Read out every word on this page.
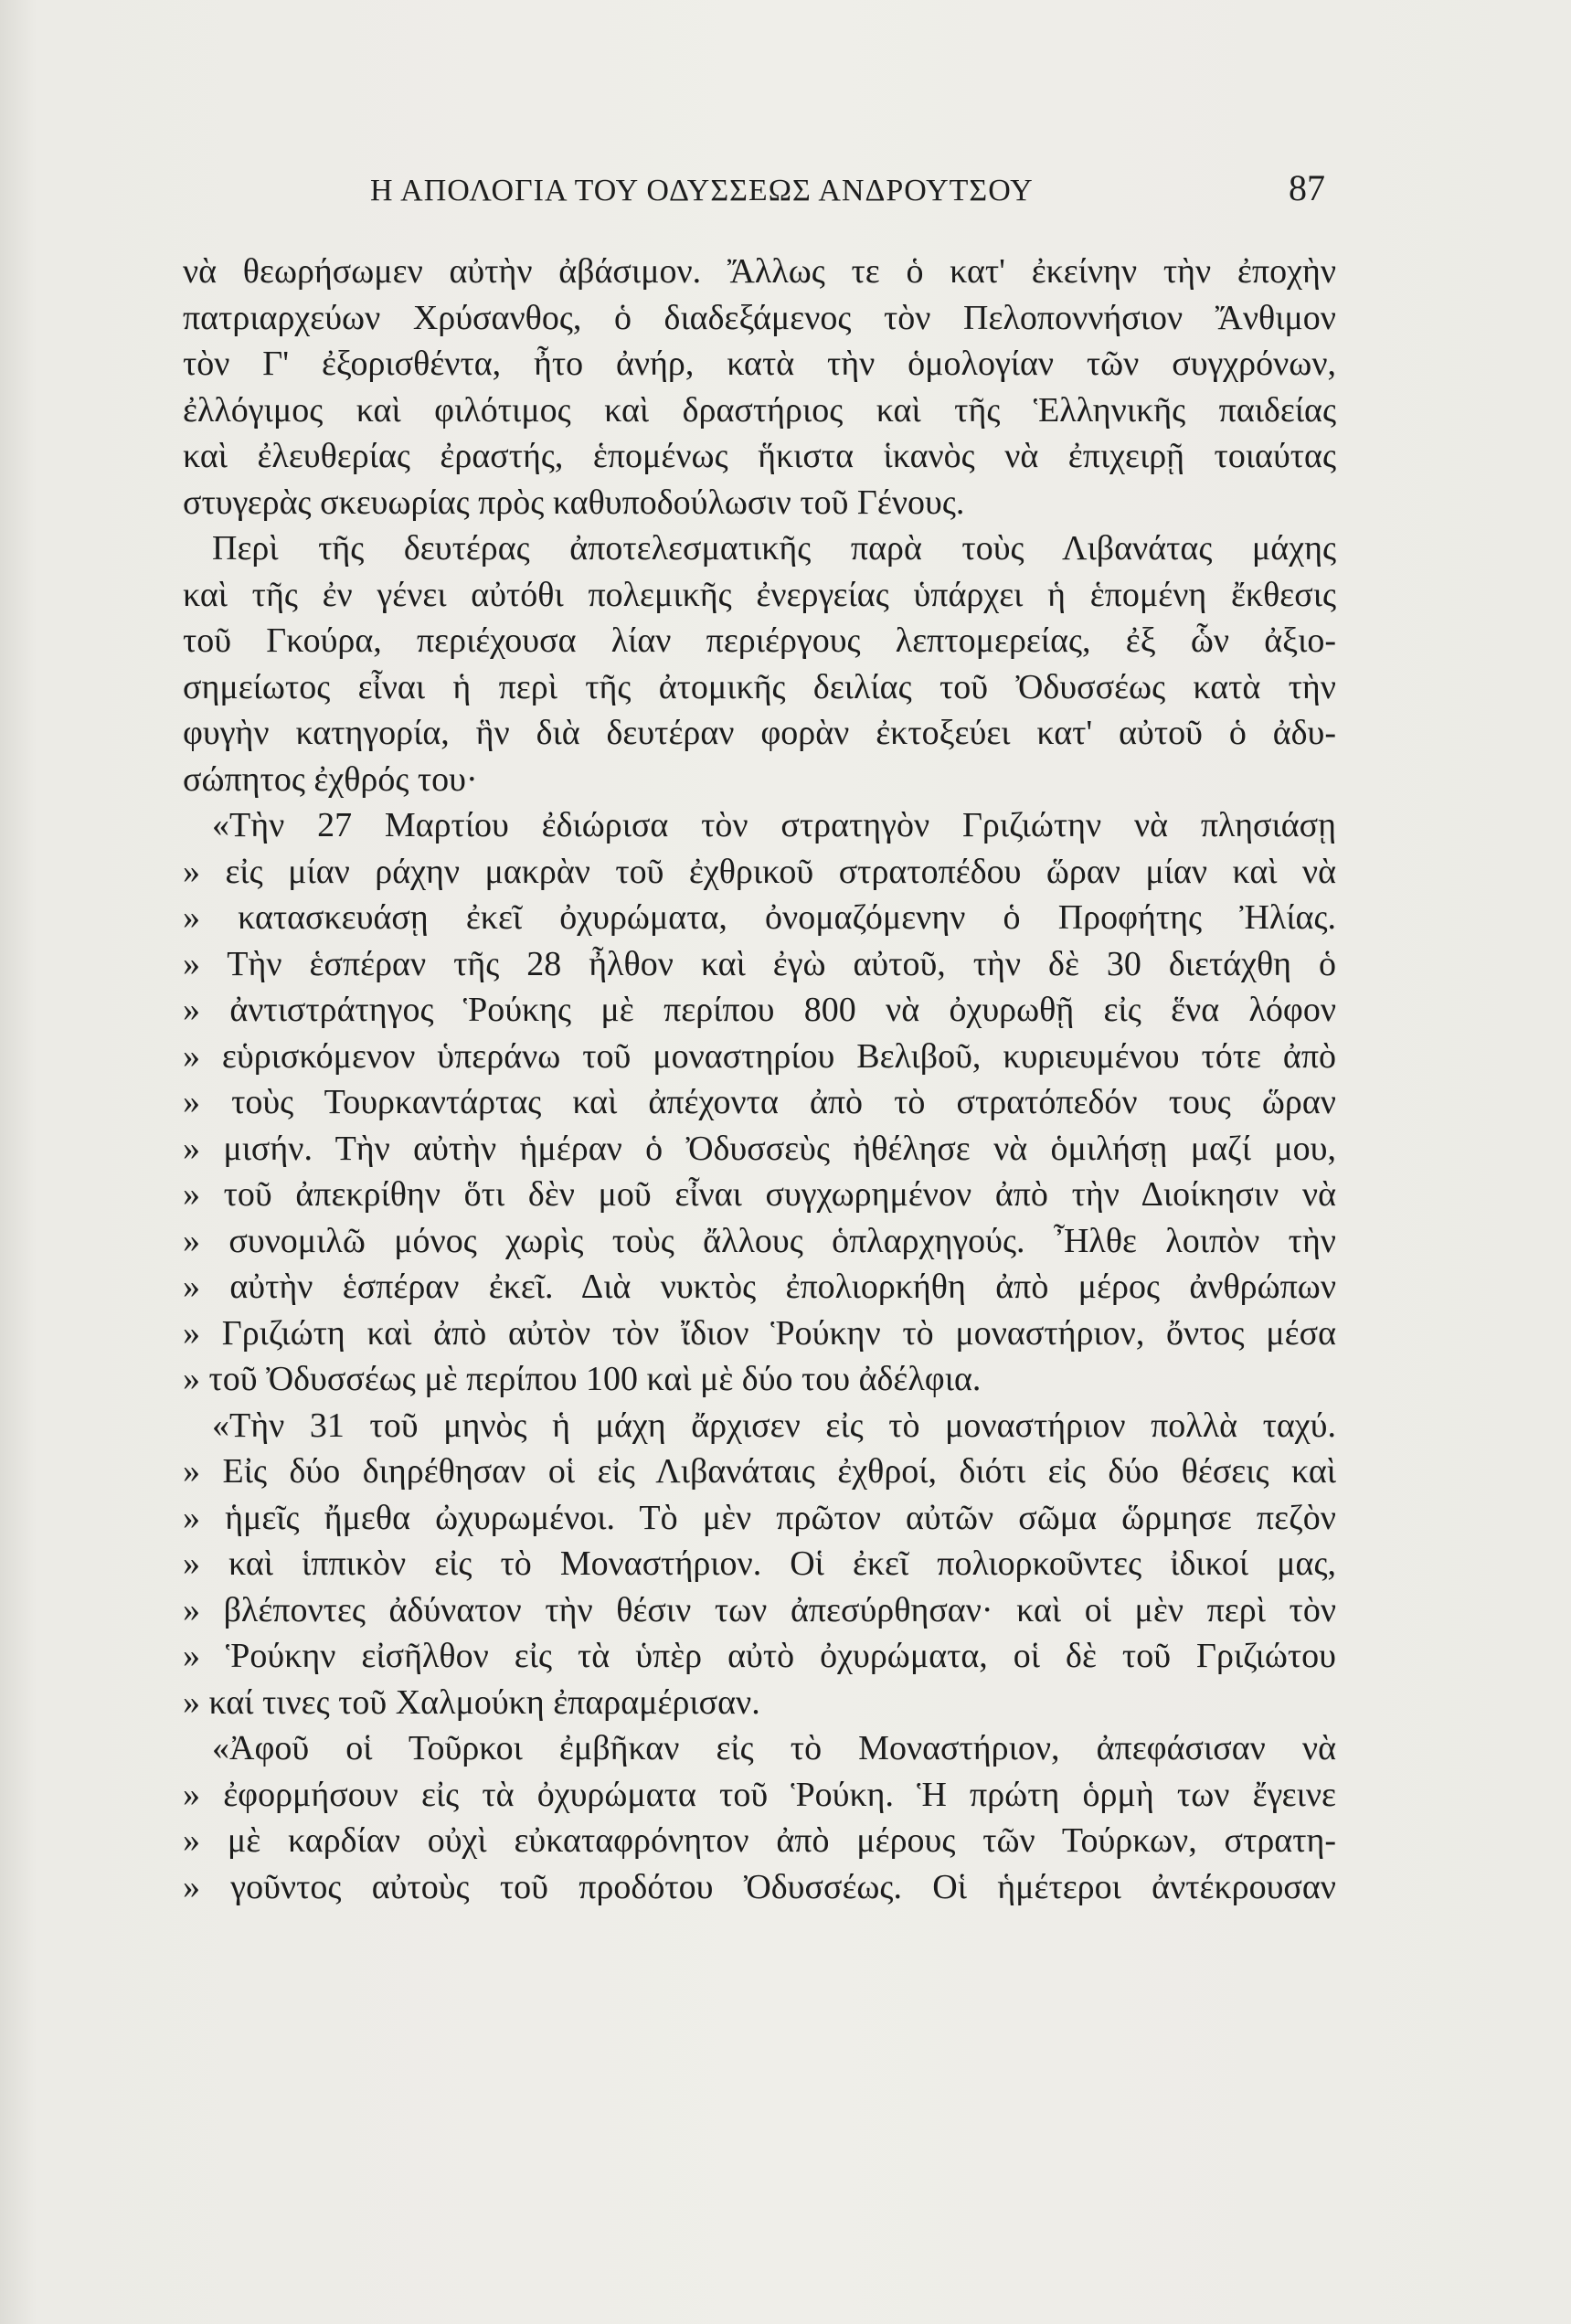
Η ΑΠΟΛΟΓΙΑ ΤΟΥ ΟΔΥΣΣΕΩΣ ΑΝΔΡΟΥΤΣΟΥ	87
νὰ θεωρήσωμεν αὐτὴν ἀβάσιμον. Ἄλλως τε ὁ κατ' ἐκείνην τὴν ἐποχὴν
πατριαρχεύων Χρύσανθος, ὁ διαδεξάμενος τὸν Πελοποννήσιον Ἄνθιμον
τὸν Γ' ἐξορισθέντα, ἦτο ἀνήρ, κατὰ τὴν ὁμολογίαν τῶν συγχρόνων,
ἐλλόγιμος καὶ φιλότιμος καὶ δραστήριος καὶ τῆς Ἑλληνικῆς παιδείας
καὶ ἐλευθερίας ἐραστής, ἑπομένως ἥκιστα ἱκανὸς νὰ ἐπιχειρῇ τοιαύτας
στυγερὰς σκευωρίας πρὸς καθυποδούλωσιν τοῦ Γένους.
Περὶ τῆς δευτέρας ἀποτελεσματικῆς παρὰ τοὺς Λιβανάτας μάχης
καὶ τῆς ἐν γένει αὐτόθι πολεμικῆς ἐνεργείας ὑπάρχει ἡ ἑπομένη ἔκθεσις
τοῦ Γκούρα, περιέχουσα λίαν περιέργους λεπτομερείας, ἐξ ὧν ἀξιο-
σημείωτος εἶναι ἡ περὶ τῆς ἀτομικῆς δειλίας τοῦ Ὀδυσσέως κατὰ τὴν
φυγὴν κατηγορία, ἣν διὰ δευτέραν φορὰν ἐκτοξεύει κατ' αὐτοῦ ὁ ἀδυ-
σώπητος ἐχθρός του·
«Τὴν 27 Μαρτίου ἐδιώρισα τὸν στρατηγὸν Γριζιώτην νὰ πλησιάσῃ
» εἰς μίαν ράχην μακρὰν τοῦ ἐχθρικοῦ στρατοπέδου ὥραν μίαν καὶ νὰ
» κατασκευάσῃ ἐκεῖ ὀχυρώματα, ὀνομαζόμενην ὁ Προφήτης Ἠλίας.
» Τὴν ἑσπέραν τῆς 28 ἦλθον καὶ ἐγὼ αὐτοῦ, τὴν δὲ 30 διετάχθη ὁ
» ἀντιστράτηγος Ῥούκης μὲ περίπου 800 νὰ ὀχυρωθῇ εἰς ἕνα λόφον
» εὑρισκόμενον ὑπεράνω τοῦ μοναστηρίου Βελιβοῦ, κυριευμένου τότε ἀπὸ
» τοὺς Τουρκαντάρτας καὶ ἀπέχοντα ἀπὸ τὸ στρατόπεδόν τους ὥραν
» μισήν. Τὴν αὐτὴν ἡμέραν ὁ Ὀδυσσεὺς ἠθέλησε νὰ ὁμιλήσῃ μαζί μου,
» τοῦ ἀπεκρίθην ὅτι δὲν μοῦ εἶναι συγχωρημένον ἀπὸ τὴν Διοίκησιν νὰ
» συνομιλῶ μόνος χωρὶς τοὺς ἄλλους ὁπλαρχηγούς. Ἦλθε λοιπὸν τὴν
» αὐτὴν ἑσπέραν ἐκεῖ. Διὰ νυκτὸς ἐπολιορκήθη ἀπὸ μέρος ἀνθρώπων
» Γριζιώτη καὶ ἀπὸ αὐτὸν τὸν ἴδιον Ῥούκην τὸ μοναστήριον, ὄντος μέσα
» τοῦ Ὀδυσσέως μὲ περίπου 100 καὶ μὲ δύο του ἀδέλφια.
«Τὴν 31 τοῦ μηνὸς ἡ μάχη ἄρχισεν εἰς τὸ μοναστήριον πολλὰ ταχύ.
» Εἰς δύο διηρέθησαν οἱ εἰς Λιβανάταις ἐχθροί, διότι εἰς δύο θέσεις καὶ
» ἡμεῖς ἤμεθα ὠχυρωμένοι. Τὸ μὲν πρῶτον αὐτῶν σῶμα ὥρμησε πεζὸν
» καὶ ἱππικὸν εἰς τὸ Μοναστήριον. Οἱ ἐκεῖ πολιορκοῦντες ἰδικοί μας,
» βλέποντες ἀδύνατον τὴν θέσιν των ἀπεσύρθησαν· καὶ οἱ μὲν περὶ τὸν
» Ῥούκην εἰσῆλθον εἰς τὰ ὑπὲρ αὐτὸ ὀχυρώματα, οἱ δὲ τοῦ Γριζιώτου
» καί τινες τοῦ Χαλμούκη ἐπαραμέρισαν.
«Ἀφοῦ οἱ Τοῦρκοι ἐμβῆκαν εἰς τὸ Μοναστήριον, ἀπεφάσισαν νὰ
» ἐφορμήσουν εἰς τὰ ὀχυρώματα τοῦ Ῥούκη. Ἡ πρώτη ὁρμὴ των ἔγεινε
» μὲ καρδίαν οὐχὶ εὐκαταφρόνητον ἀπὸ μέρους τῶν Τούρκων, στρατη-
» γοῦντος αὐτοὺς τοῦ προδότου Ὀδυσσέως. Οἱ ἡμέτεροι ἀντέκρουσαν
